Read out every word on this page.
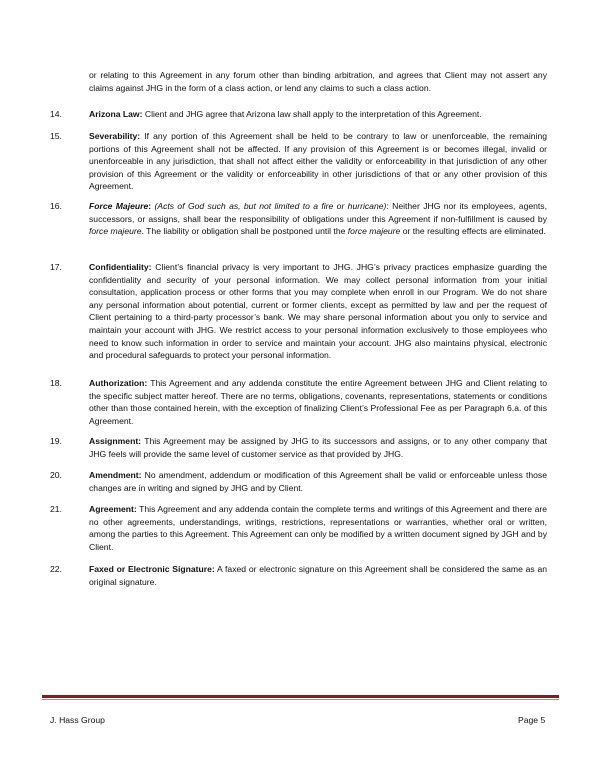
or relating to this Agreement in any forum other than binding arbitration, and agrees that Client may not assert any claims against JHG in the form of a class action, or lend any claims to such a class action.
14.	Arizona Law: Client and JHG agree that Arizona law shall apply to the interpretation of this Agreement.
15.	Severability: If any portion of this Agreement shall be held to be contrary to law or unenforceable, the remaining portions of this Agreement shall not be affected. If any provision of this Agreement is or becomes illegal, invalid or unenforceable in any jurisdiction, that shall not affect either the validity or enforceability in that jurisdiction of any other provision of this Agreement or the validity or enforceability in other jurisdictions of that or any other provision of this Agreement.
16.	Force Majeure: (Acts of God such as, but not limited to a fire or hurricane): Neither JHG nor its employees, agents, successors, or assigns, shall bear the responsibility of obligations under this Agreement if non-fulfillment is caused by force majeure. The liability or obligation shall be postponed until the force majeure or the resulting effects are eliminated.
17.	Confidentiality: Client’s financial privacy is very important to JHG. JHG’s privacy practices emphasize guarding the confidentiality and security of your personal information. We may collect personal information from your initial consultation, application process or other forms that you may complete when enroll in our Program. We do not share any personal information about potential, current or former clients, except as permitted by law and per the request of Client pertaining to a third-party processor’s bank. We may share personal information about you only to service and maintain your account with JHG. We restrict access to your personal information exclusively to those employees who need to know such information in order to service and maintain your account. JHG also maintains physical, electronic and procedural safeguards to protect your personal information.
18.	Authorization: This Agreement and any addenda constitute the entire Agreement between JHG and Client relating to the specific subject matter hereof. There are no terms, obligations, covenants, representations, statements or conditions other than those contained herein, with the exception of finalizing Client’s Professional Fee as per Paragraph 6.a. of this Agreement.
19.	Assignment: This Agreement may be assigned by JHG to its successors and assigns, or to any other company that JHG feels will provide the same level of customer service as that provided by JHG.
20.	Amendment: No amendment, addendum or modification of this Agreement shall be valid or enforceable unless those changes are in writing and signed by JHG and by Client.
21.	Agreement: This Agreement and any addenda contain the complete terms and writings of this Agreement and there are no other agreements, understandings, writings, restrictions, representations or warranties, whether oral or written, among the parties to this Agreement. This Agreement can only be modified by a written document signed by JGH and by Client.
22.	Faxed or Electronic Signature: A faxed or electronic signature on this Agreement shall be considered the same as an original signature.
J. Hass Group	Page 5
